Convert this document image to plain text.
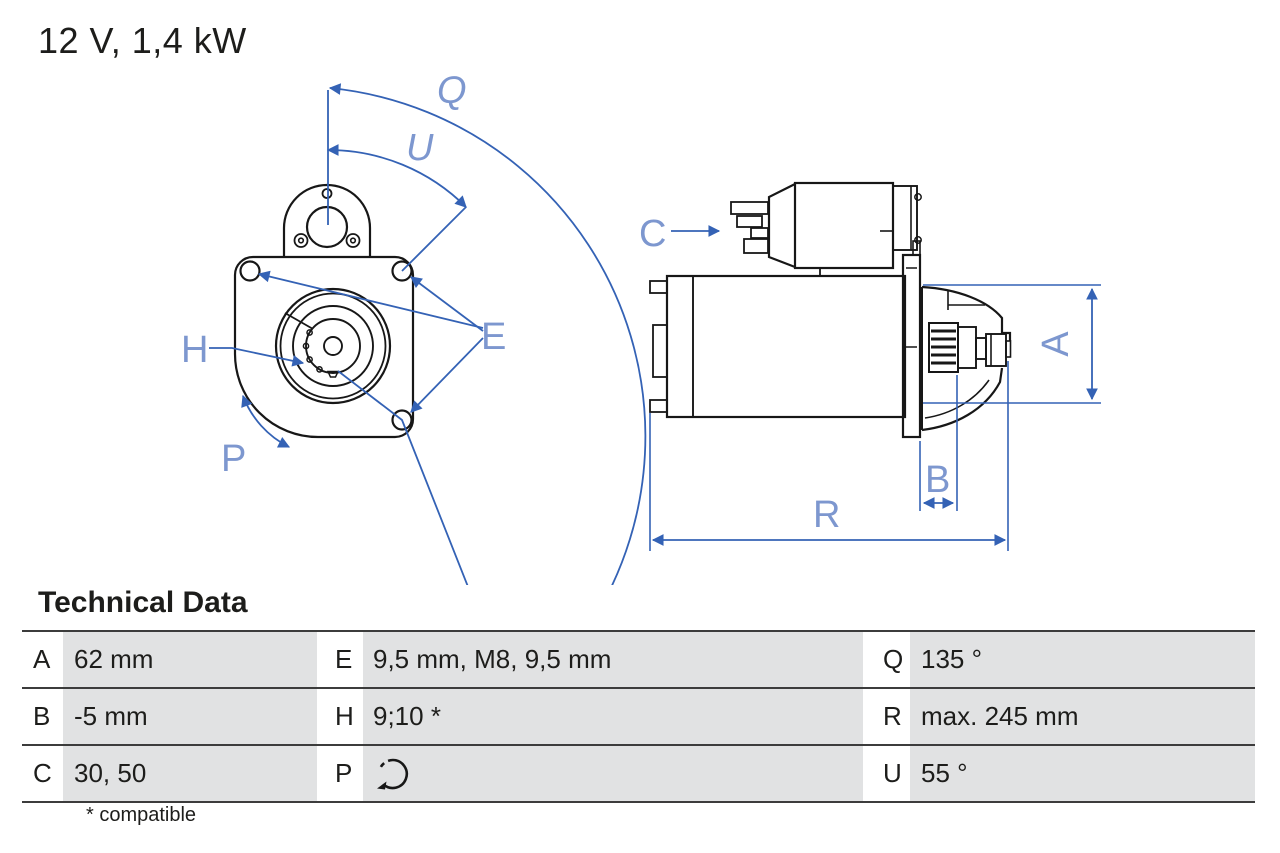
12 V, 1,4 kW
Q
U
E
H
P
C
A
B
R
Technical Data
A 62 mm	E 9,5 mm, M8, 9,5 mm	Q 135 °
B -5 mm	H 9;10 *	R max. 245 mm
C 30, 50	P	U 55 °
* compatible
